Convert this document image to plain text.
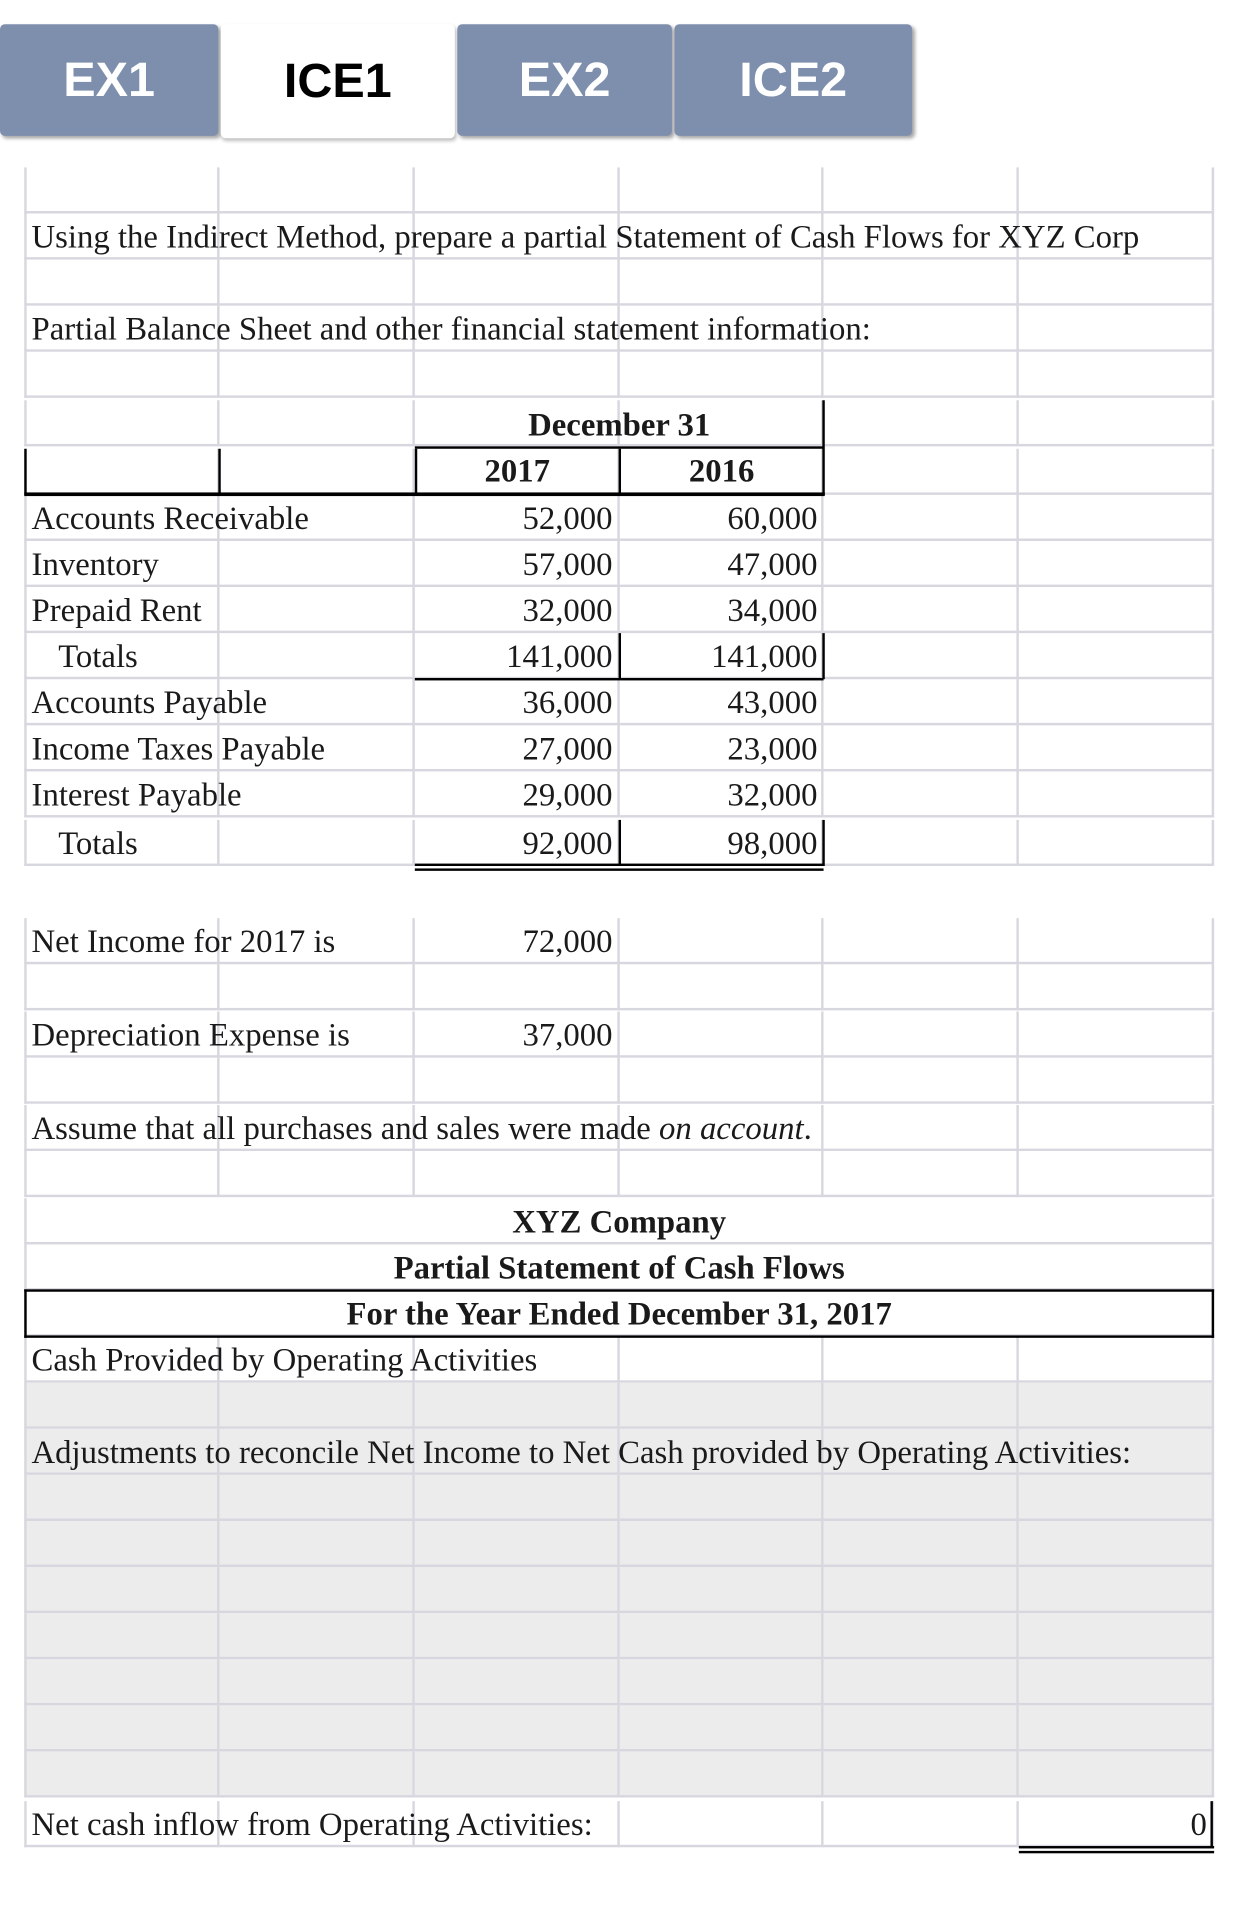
EX1	ICE1	EX2	ICE2
Using the Indirect Method, prepare a partial Statement of Cash Flows for XYZ Corp
Partial Balance Sheet and other financial statement information:
December 31
2017	2016
Accounts Receivable	52,000	60,000
Inventory	57,000	47,000
Prepaid Rent	32,000	34,000
Totals	141,000	141,000
Accounts Payable	36,000	43,000
Income Taxes Payable	27,000	23,000
Interest Payable	29,000	32,000
Totals	92,000	98,000
Net Income for 2017 is	72,000
Depreciation Expense is	37,000
Assume that all purchases and sales were made on account.
XYZ Company
Partial Statement of Cash Flows
For the Year Ended December 31, 2017
Cash Provided by Operating Activities
Adjustments to reconcile Net Income to Net Cash provided by Operating Activities:
Net cash inflow from Operating Activities:	0
